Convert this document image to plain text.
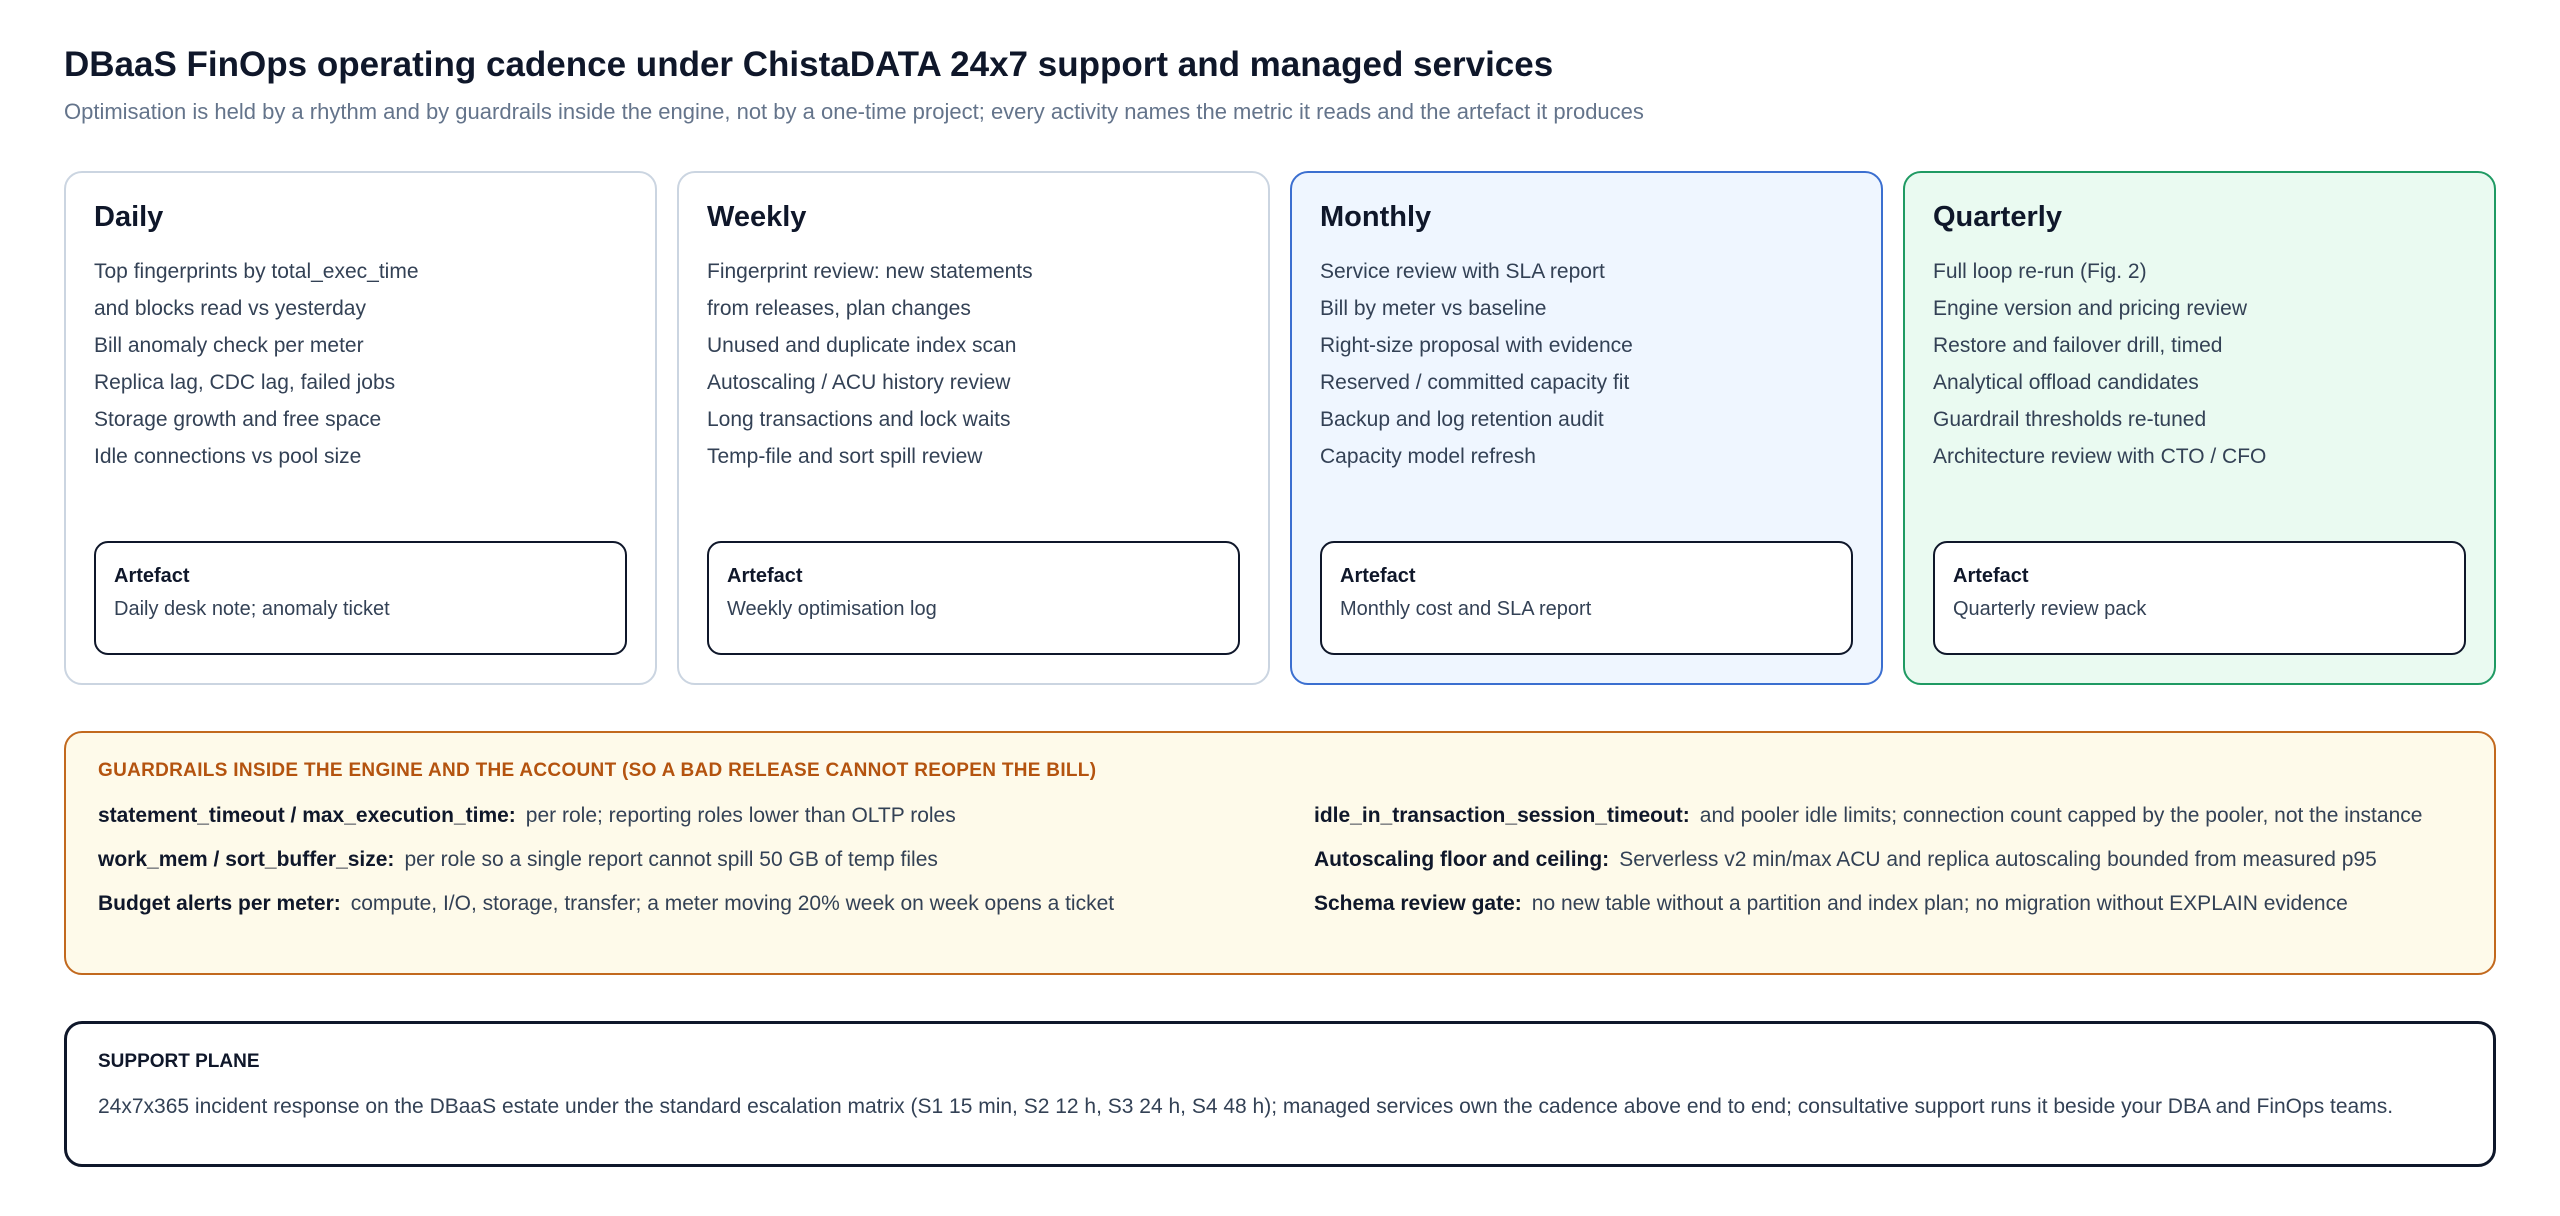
DBaaS FinOps operating cadence under ChistaDATA 24x7 support and managed services

Optimisation is held by a rhythm and by guardrails inside the engine, not by a one-time project; every activity names the metric it reads and the artefact it produces

Daily
Top fingerprints by total_exec_time
and blocks read vs yesterday
Bill anomaly check per meter
Replica lag, CDC lag, failed jobs
Storage growth and free space
Idle connections vs pool size
Artefact
Daily desk note; anomaly ticket
Weekly
Fingerprint review: new statements
from releases, plan changes
Unused and duplicate index scan
Autoscaling / ACU history review
Long transactions and lock waits
Temp-file and sort spill review
Artefact
Weekly optimisation log
Monthly
Service review with SLA report
Bill by meter vs baseline
Right-size proposal with evidence
Reserved / committed capacity fit
Backup and log retention audit
Capacity model refresh
Artefact
Monthly cost and SLA report
Quarterly
Full loop re-run (Fig. 2)
Engine version and pricing review
Restore and failover drill, timed
Analytical offload candidates
Guardrail thresholds re-tuned
Architecture review with CTO / CFO
Artefact
Quarterly review pack
GUARDRAILS INSIDE THE ENGINE AND THE ACCOUNT (SO A BAD RELEASE CANNOT REOPEN THE BILL)
statement_timeout / max_execution_time: per role; reporting roles lower than OLTP roles	idle_in_transaction_session_timeout: and pooler idle limits; connection count capped by the pooler, not the instance
work_mem / sort_buffer_size: per role so a single report cannot spill 50 GB of temp files	Autoscaling floor and ceiling: Serverless v2 min/max ACU and replica autoscaling bounded from measured p95
Budget alerts per meter: compute, I/O, storage, transfer; a meter moving 20% week on week opens a ticket	Schema review gate: no new table without a partition and index plan; no migration without EXPLAIN evidence
SUPPORT PLANE
24x7x365 incident response on the DBaaS estate under the standard escalation matrix (S1 15 min, S2 12 h, S3 24 h, S4 48 h); managed services own the cadence above end to end; consultative support runs it beside your DBA and FinOps teams.
